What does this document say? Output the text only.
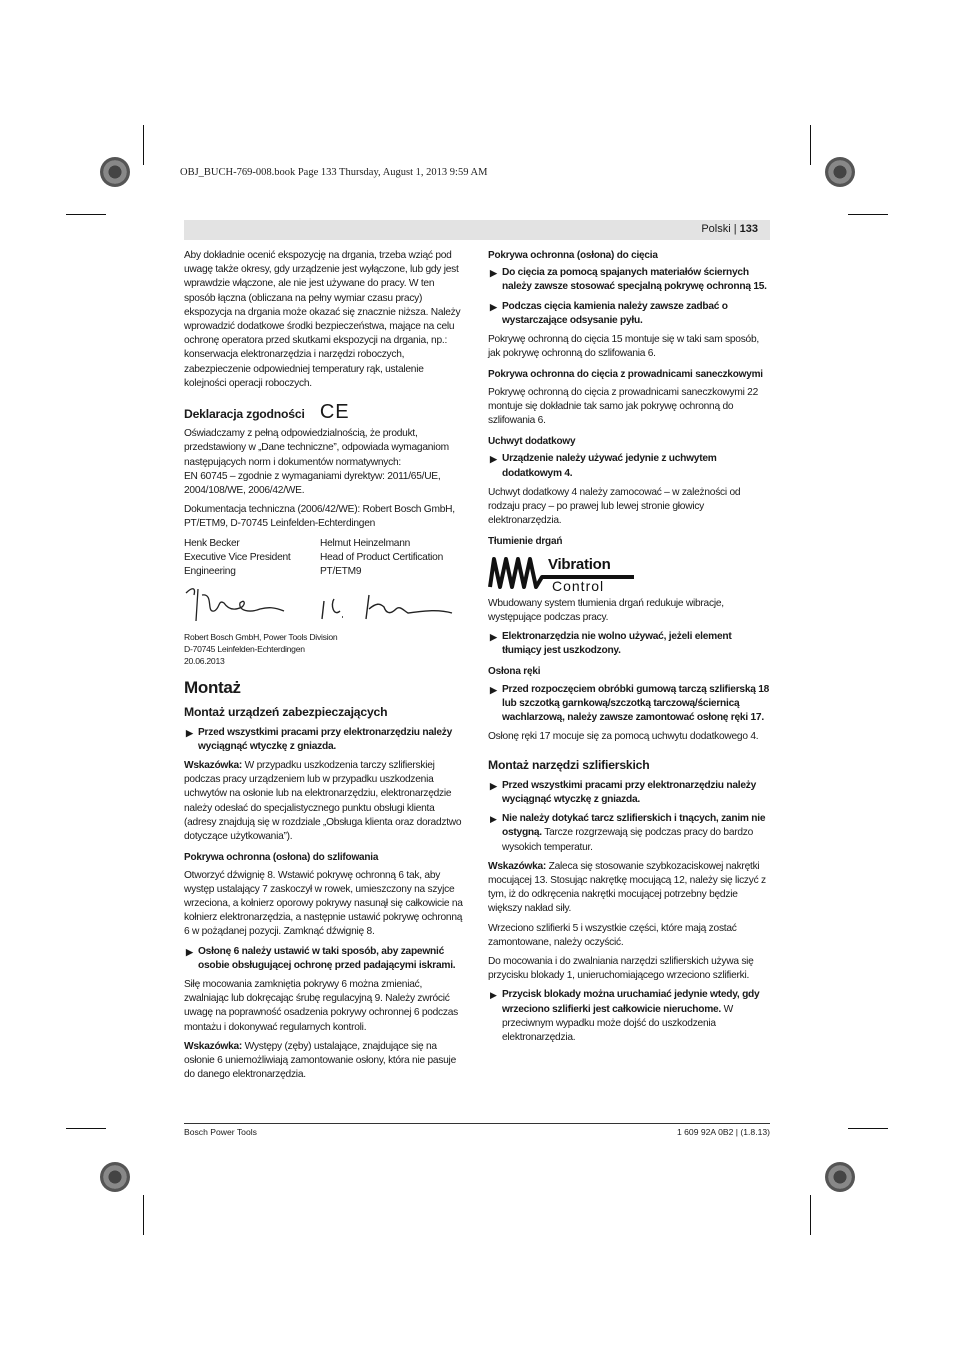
OBJ_BUCH-769-008.book Page 133 Thursday, August 1, 2013 9:59 AM
Polski | 133

Aby dokładnie ocenić ekspozycję na drgania, trzeba wziąć pod uwagę także okresy, gdy urządzenie jest wyłączone, lub gdy jest wprawdzie włączone, ale nie jest używane do pracy. W ten sposób łączna (obliczana na pełny wymiar czasu pracy) ekspozycja na drgania może okazać się znacznie niższa. Należy wprowadzić dodatkowe środki bezpieczeństwa, mające na celu ochronę operatora przed skutkami ekspozycji na drgania, np.: konserwacja elektronarzędzia i narzędzi roboczych, zabezpieczenie odpowiedniej temperatury rąk, ustalenie kolejności operacji roboczych.

Deklaracja zgodności CE

Oświadczamy z pełną odpowiedzialnością, że produkt, przedstawiony w „Dane techniczne”, odpowiada wymaganiom następujących norm i dokumentów normatywnych:

EN 60745 – zgodnie z wymaganiami dyrektyw: 2011/65/UE, 2004/108/WE, 2006/42/WE.

Dokumentacja techniczna (2006/42/WE): Robert Bosch GmbH, PT/ETM9, D-70745 Leinfelden-Echterdingen

Henk Becker
Executive Vice President
Engineering
Helmut Heinzelmann
Head of Product Certification
PT/ETM9
Robert Bosch GmbH, Power Tools Division
D-70745 Leinfelden-Echterdingen
20.06.2013
Montaż
Montaż urządzeń zabezpieczających
▶ Przed wszystkimi pracami przy elektronarzędziu należy wyciągnąć wtyczkę z gniazda.

Wskazówka: W przypadku uszkodzenia tarczy szlifierskiej podczas pracy urządzeniem lub w przypadku uszkodzenia uchwytów na osłonie lub na elektronarzędziu, elektronarzędzie należy odesłać do specjalistycznego punktu obsługi klienta (adresy znajdują się w rozdziale „Obsługa klienta oraz doradztwo dotyczące użytkowania”).

Pokrywa ochronna (osłona) do szlifowania

Otworzyć dźwignię 8. Wstawić pokrywę ochronną 6 tak, aby występ ustalający 7 zaskoczył w rowek, umieszczony na szyjce wrzeciona, a kołnierz oporowy pokrywy nasunął się całkowicie na kołnierz elektronarzędzia, a następnie ustawić pokrywę ochronną 6 w pożądanej pozycji. Zamknąć dźwignię 8.

▶ Osłonę 6 należy ustawić w taki sposób, aby zapewnić osobie obsługującej ochronę przed padającymi iskrami.

Siłę mocowania zamkniętia pokrywy 6 można zmieniać, zwalniając lub dokręcając śrubę regulacyjną 9. Należy zwrócić uwagę na poprawność osadzenia pokrywy ochronnej 6 podczas montażu i dokonywać regularnych kontroli.

Wskazówka: Występy (zęby) ustalające, znajdujące się na osłonie 6 uniemożliwiają zamontowanie osłony, która nie pasuje do danego elektronarzędzia.

Pokrywa ochronna (osłona) do cięcia
▶ Do cięcia za pomocą spajanych materiałów ściernych należy zawsze stosować specjalną pokrywę ochronną 15.
▶ Podczas cięcia kamienia należy zawsze zadbać o wystarczające odsysanie pyłu.

Pokrywę ochronną do cięcia 15 montuje się w taki sam sposób, jak pokrywę ochronną do szlifowania 6.

Pokrywa ochronna do cięcia z prowadnicami saneczkowymi

Pokrywę ochronną do cięcia z prowadnicami saneczkowymi 22 montuje się dokładnie tak samo jak pokrywę ochronną do szlifowania 6.

Uchwyt dodatkowy
▶ Urządzenie należy używać jedynie z uchwytem dodatkowym 4.

Uchwyt dodatkowy 4 należy zamocować – w zależności od rodzaju pracy – po prawej lub lewej stronie głowicy elektronarzędzia.

Tłumienie drgań
Vibration
Control

Wbudowany system tłumienia drgań redukuje wibracje, występujące podczas pracy.

▶ Elektronarzędzia nie wolno używać, jeżeli element tłumiący jest uszkodzony.
Osłona ręki
▶ Przed rozpoczęciem obróbki gumową tarczą szlifierską 18 lub szczotką garnkową/szczotką tarczową/ściernicą wachlarzową, należy zawsze zamontować osłonę ręki 17.

Osłonę ręki 17 mocuje się za pomocą uchwytu dodatkowego 4.

Montaż narzędzi szlifierskich
▶ Przed wszystkimi pracami przy elektronarzędziu należy wyciągnąć wtyczkę z gniazda.
▶ Nie należy dotykać tarcz szlifierskich i tnących, zanim nie ostygną. Tarcze rozgrzewają się podczas pracy do bardzo wysokich temperatur.

Wskazówka: Zaleca się stosowanie szybkozaciskowej nakrętki mocującej 13. Stosując nakrętkę mocującą 12, należy się liczyć z tym, iż do odkręcenia nakrętki mocującej potrzebny będzie większy nakład siły.

Wrzeciono szlifierki 5 i wszystkie części, które mają zostać zamontowane, należy oczyścić.

Do mocowania i do zwalniania narzędzi szlifierskich używa się przycisku blokady 1, unieruchomiającego wrzeciono szlifierki.

▶ Przycisk blokady można uruchamiać jedynie wtedy, gdy wrzeciono szlifierki jest całkowicie nieruchome. W przeciwnym wypadku może dojść do uszkodzenia elektronarzędzia.
Bosch Power Tools	1 609 92A 0B2 | (1.8.13)
